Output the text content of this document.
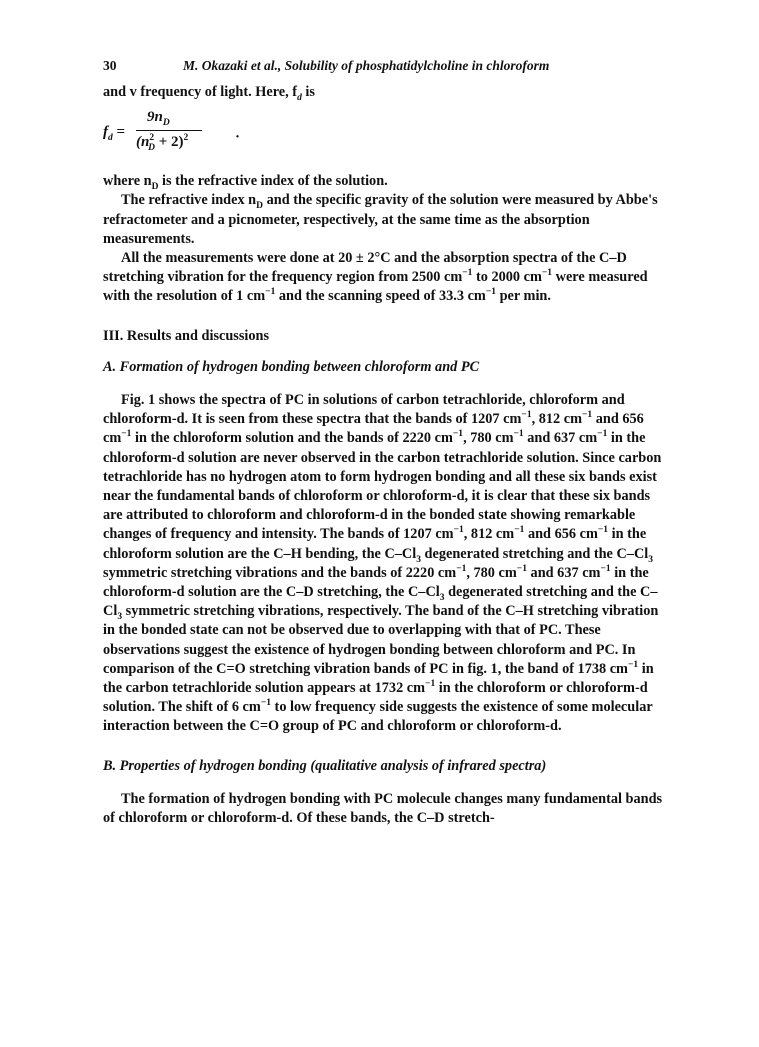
30	M. Okazaki et al., Solubility of phosphatidylcholine in chloroform

and v frequency of light. Here, $f_d$ is

$f_d$ =
$9n_D$
$(n^2_D + 2)^2$	·

where $n_D$ is the refractive index of the solution.

The refractive index $n_D$ and the specific gravity of the solution were measured by Abbe's refractometer and a picnometer, respectively, at the same time as the absorption measurements.

All the measurements were done at 20 ± 2°C and the absorption spectra of the C–D stretching vibration for the frequency region from 2500 $cm^{-1}$ to 2000 $cm^{-1}$ were measured with the resolution of 1 $cm^{-1}$ and the scanning speed of 33.3 $cm^{-1}$ per min.

III. Results and discussions

A. Formation of hydrogen bonding between chloroform and PC

Fig. 1 shows the spectra of PC in solutions of carbon tetrachloride, chloroform and chloroform-d. It is seen from these spectra that the bands of 1207 $cm^{-1}$, 812 $cm^{-1}$ and 656 $cm^{-1}$ in the chloroform solution and the bands of 2220 $cm^{-1}$, 780 $cm^{-1}$ and 637 $cm^{-1}$ in the chloroform-d solution are never observed in the carbon tetrachloride solution. Since carbon tetrachloride has no hydrogen atom to form hydrogen bonding and all these six bands exist near the fundamental bands of chloroform or chloroform-d, it is clear that these six bands are attributed to chloroform and chloroform-d in the bonded state showing remarkable changes of frequency and intensity. The bands of 1207 $cm^{-1}$, 812 $cm^{-1}$ and 656 $cm^{-1}$ in the chloroform solution are the C–H bending, the $C-Cl_3$ degenerated stretching and the $C-Cl_3$ symmetric stretching vibrations and the bands of 2220 $cm^{-1}$, 780 $cm^{-1}$ and 637 $cm^{-1}$ in the chloroform-d solution are the C–D stretching, the $C-Cl_3$ degenerated stretching and the $C-Cl_3$ symmetric stretching vibrations, respectively. The band of the C–H stretching vibration in the bonded state can not be observed due to overlapping with that of PC. These observations suggest the existence of hydrogen bonding between chloroform and PC. In comparison of the C=O stretching vibration bands of PC in fig. 1, the band of 1738 $cm^{-1}$ in the carbon tetrachloride solution appears at 1732 $cm^{-1}$ in the chloroform or chloroform-d solution. The shift of 6 $cm^{-1}$ to low frequency side suggests the existence of some molecular interaction between the C=O group of PC and chloroform or chloroform-d.

B. Properties of hydrogen bonding (qualitative analysis of infrared spectra)

The formation of hydrogen bonding with PC molecule changes many fundamental bands of chloroform or chloroform-d. Of these bands, the C–D stretch-
